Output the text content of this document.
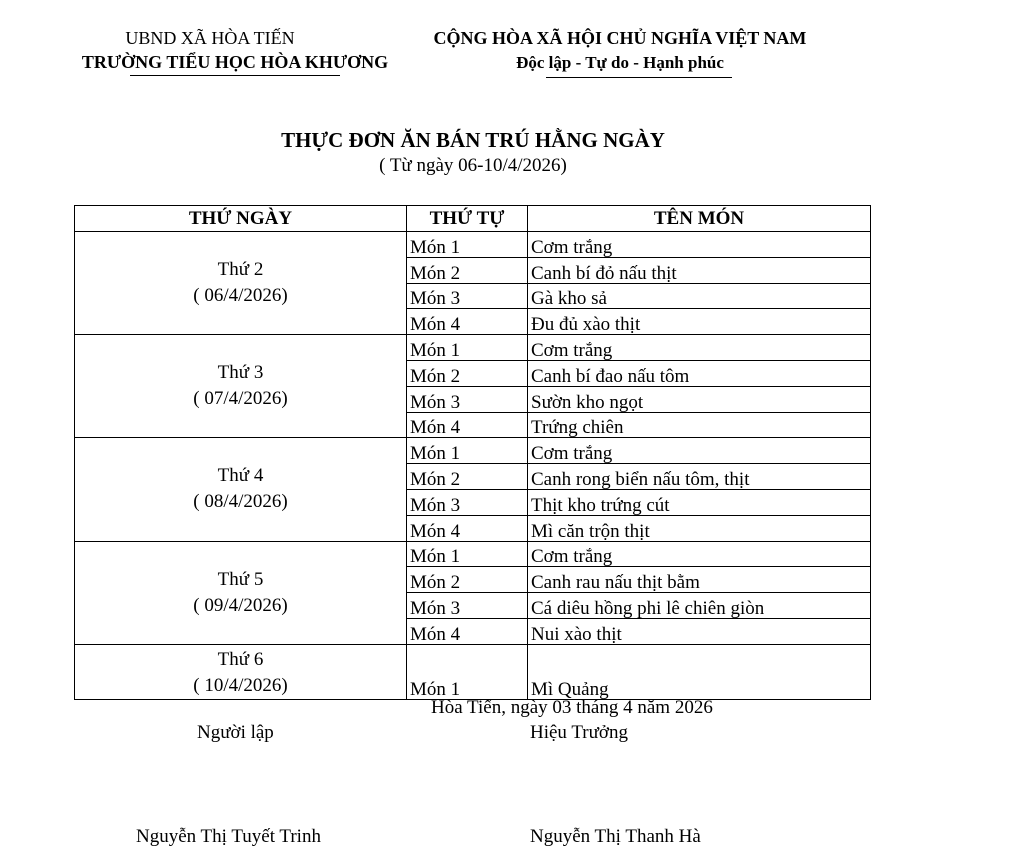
UBND XÃ HÒA TIẾN
TRƯỜNG TIỂU HỌC HÒA KHƯƠNG
CỘNG HÒA XÃ HỘI CHỦ NGHĨA VIỆT NAM
Độc lập - Tự do - Hạnh phúc
THỰC ĐƠN ĂN BÁN TRÚ HẰNG NGÀY
( Từ ngày 06-10/4/2026)
THỨ NGÀY	THỨ TỰ	TÊN MÓN

Thứ 2
( 06/4/2026)	Món 1	Cơm trắng
	Món 2	Canh bí đỏ nấu thịt
	Món 3	Gà kho sả
	Món 4	Đu đủ xào thịt

Thứ 3
( 07/4/2026)	Món 1	Cơm trắng
	Món 2	Canh bí đao nấu tôm
	Món 3	Sườn kho ngọt
	Món 4	Trứng chiên

Thứ 4
( 08/4/2026)	Món 1	Cơm trắng
	Món 2	Canh rong biển nấu tôm, thịt
	Món 3	Thịt kho trứng cút
	Món 4	Mì căn trộn thịt

Thứ 5
( 09/4/2026)	Món 1	Cơm trắng
	Món 2	Canh rau nấu thịt bằm
	Món 3	Cá diêu hồng phi lê chiên giòn
	Món 4	Nui xào thịt

Thứ 6
( 10/4/2026)	Món 1	Mì Quảng
Hòa Tiến, ngày 03 tháng 4 năm 2026
Người lập	Hiệu Trưởng
Nguyễn Thị Tuyết Trinh	Nguyễn Thị Thanh Hà
